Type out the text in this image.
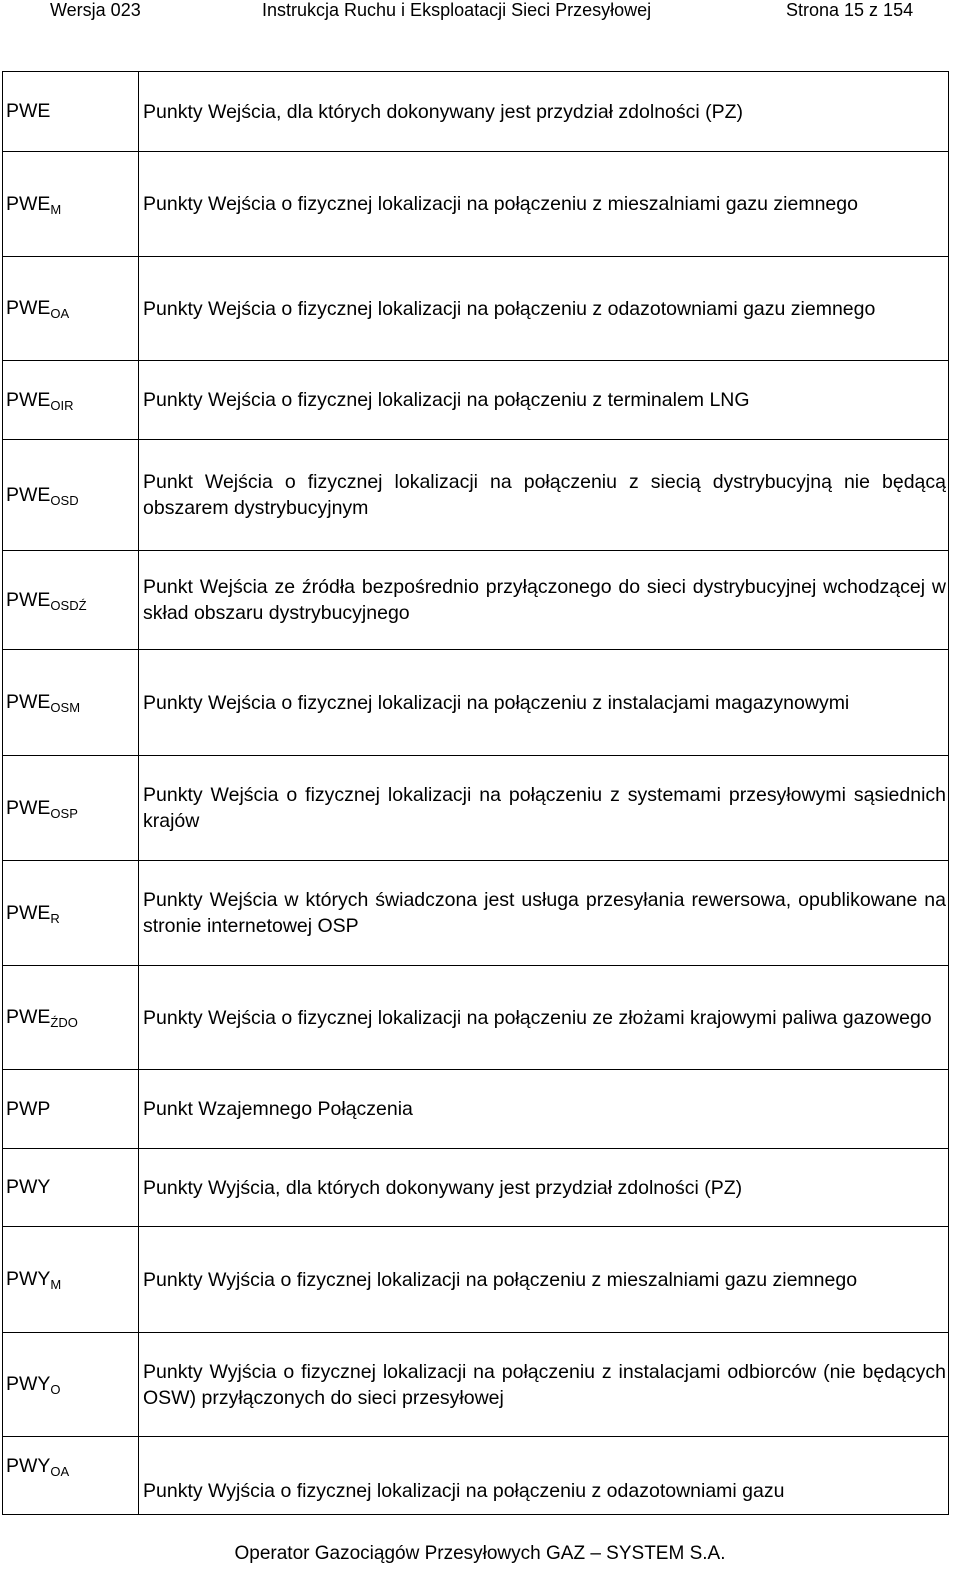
Wersja 023	Instrukcja Ruchu i Eksploatacji Sieci Przesyłowej	Strona 15 z 154
PWE	Punkty Wejścia, dla których dokonywany jest przydział zdolności (PZ)
$PWE_M$	Punkty Wejścia o fizycznej lokalizacji na połączeniu z mieszalniami gazu ziemnego
$PWE_{OA}$	Punkty Wejścia o fizycznej lokalizacji na połączeniu z odazotowniami gazu ziemnego
$PWE_{OIR}$	Punkty Wejścia o fizycznej lokalizacji na połączeniu z terminalem LNG
$PWE_{OSD}$	Punkt Wejścia o fizycznej lokalizacji na połączeniu z siecią dystrybucyjną nie będącą obszarem dystrybucyjnym
$PWE_{OSDŹ}$	Punkt Wejścia ze źródła bezpośrednio przyłączonego do sieci dystrybucyjnej wchodzącej w skład obszaru dystrybucyjnego
$PWE_{OSM}$	Punkty Wejścia o fizycznej lokalizacji na połączeniu z instalacjami magazynowymi
$PWE_{OSP}$	Punkty Wejścia o fizycznej lokalizacji na połączeniu z systemami przesyłowymi sąsiednich krajów
$PWE_R$	Punkty Wejścia w których świadczona jest usługa przesyłania rewersowa, opublikowane na stronie internetowej OSP
$PWE_{ŹDO}$	Punkty Wejścia o fizycznej lokalizacji na połączeniu ze złożami krajowymi paliwa gazowego
PWP	Punkt Wzajemnego Połączenia
PWY	Punkty Wyjścia, dla których dokonywany jest przydział zdolności (PZ)
$PWY_M$	Punkty Wyjścia o fizycznej lokalizacji na połączeniu z mieszalniami gazu ziemnego
$PWY_O$	Punkty Wyjścia o fizycznej lokalizacji na połączeniu z instalacjami odbiorców (nie będących OSW) przyłączonych do sieci przesyłowej
$PWY_{OA}$	Punkty Wyjścia o fizycznej lokalizacji na połączeniu z odazotowniami gazu
Operator Gazociągów Przesyłowych GAZ – SYSTEM S.A.
